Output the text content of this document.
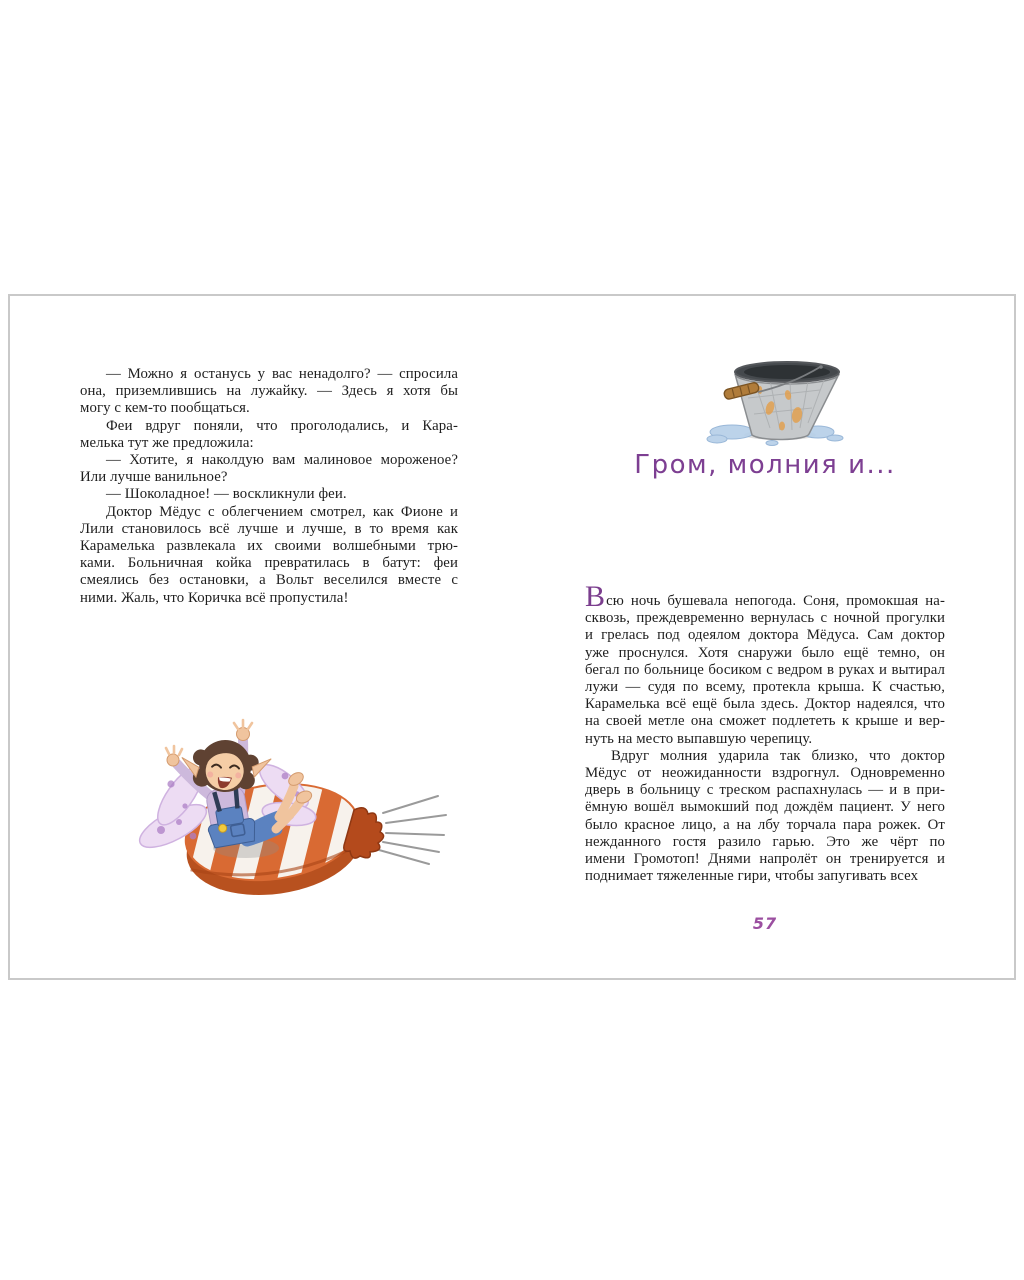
— Можно я останусь у вас ненадолго? — спросила
она, приземлившись на лужайку. — Здесь я хотя бы
могу с кем-то пообщаться.
Феи вдруг поняли, что проголодались, и Кара-
мелька тут же предложила:
— Хотите, я наколдую вам малиновое мороженое?
Или лучше ванильное?
— Шоколадное! — воскликнули феи.
Доктор Мёдус с облегчением смотрел, как Фионе и
Лили становилось всё лучше и лучше, в то время как
Карамелька развлекала их своими волшебными трю-
ками. Больничная койка превратилась в батут: феи
смеялись без остановки, а Вольт веселился вместе с
ними. Жаль, что Коричка всё пропустила!
Гром, молния и...
Всю ночь бушевала непогода. Соня, промокшая на-
сквозь, преждевременно вернулась с ночной прогулки
и грелась под одеялом доктора Мёдуса. Сам доктор
уже проснулся. Хотя снаружи было ещё темно, он
бегал по больнице босиком с ведром в руках и вытирал
лужи — судя по всему, протекла крыша. К счастью,
Карамелька всё ещё была здесь. Доктор надеялся, что
на своей метле она сможет подлететь к крыше и вер-
нуть на место выпавшую черепицу.
Вдруг молния ударила так близко, что доктор
Мёдус от неожиданности вздрогнул. Одновременно
дверь в больницу с треском распахнулась — и в при-
ёмную вошёл вымокший под дождём пациент. У него
было красное лицо, а на лбу торчала пара рожек. От
нежданного гостя разило гарью. Это же чёрт по
имени Громотоп! Днями напролёт он тренируется и
поднимает тяжеленные гири, чтобы запугивать всех
57
